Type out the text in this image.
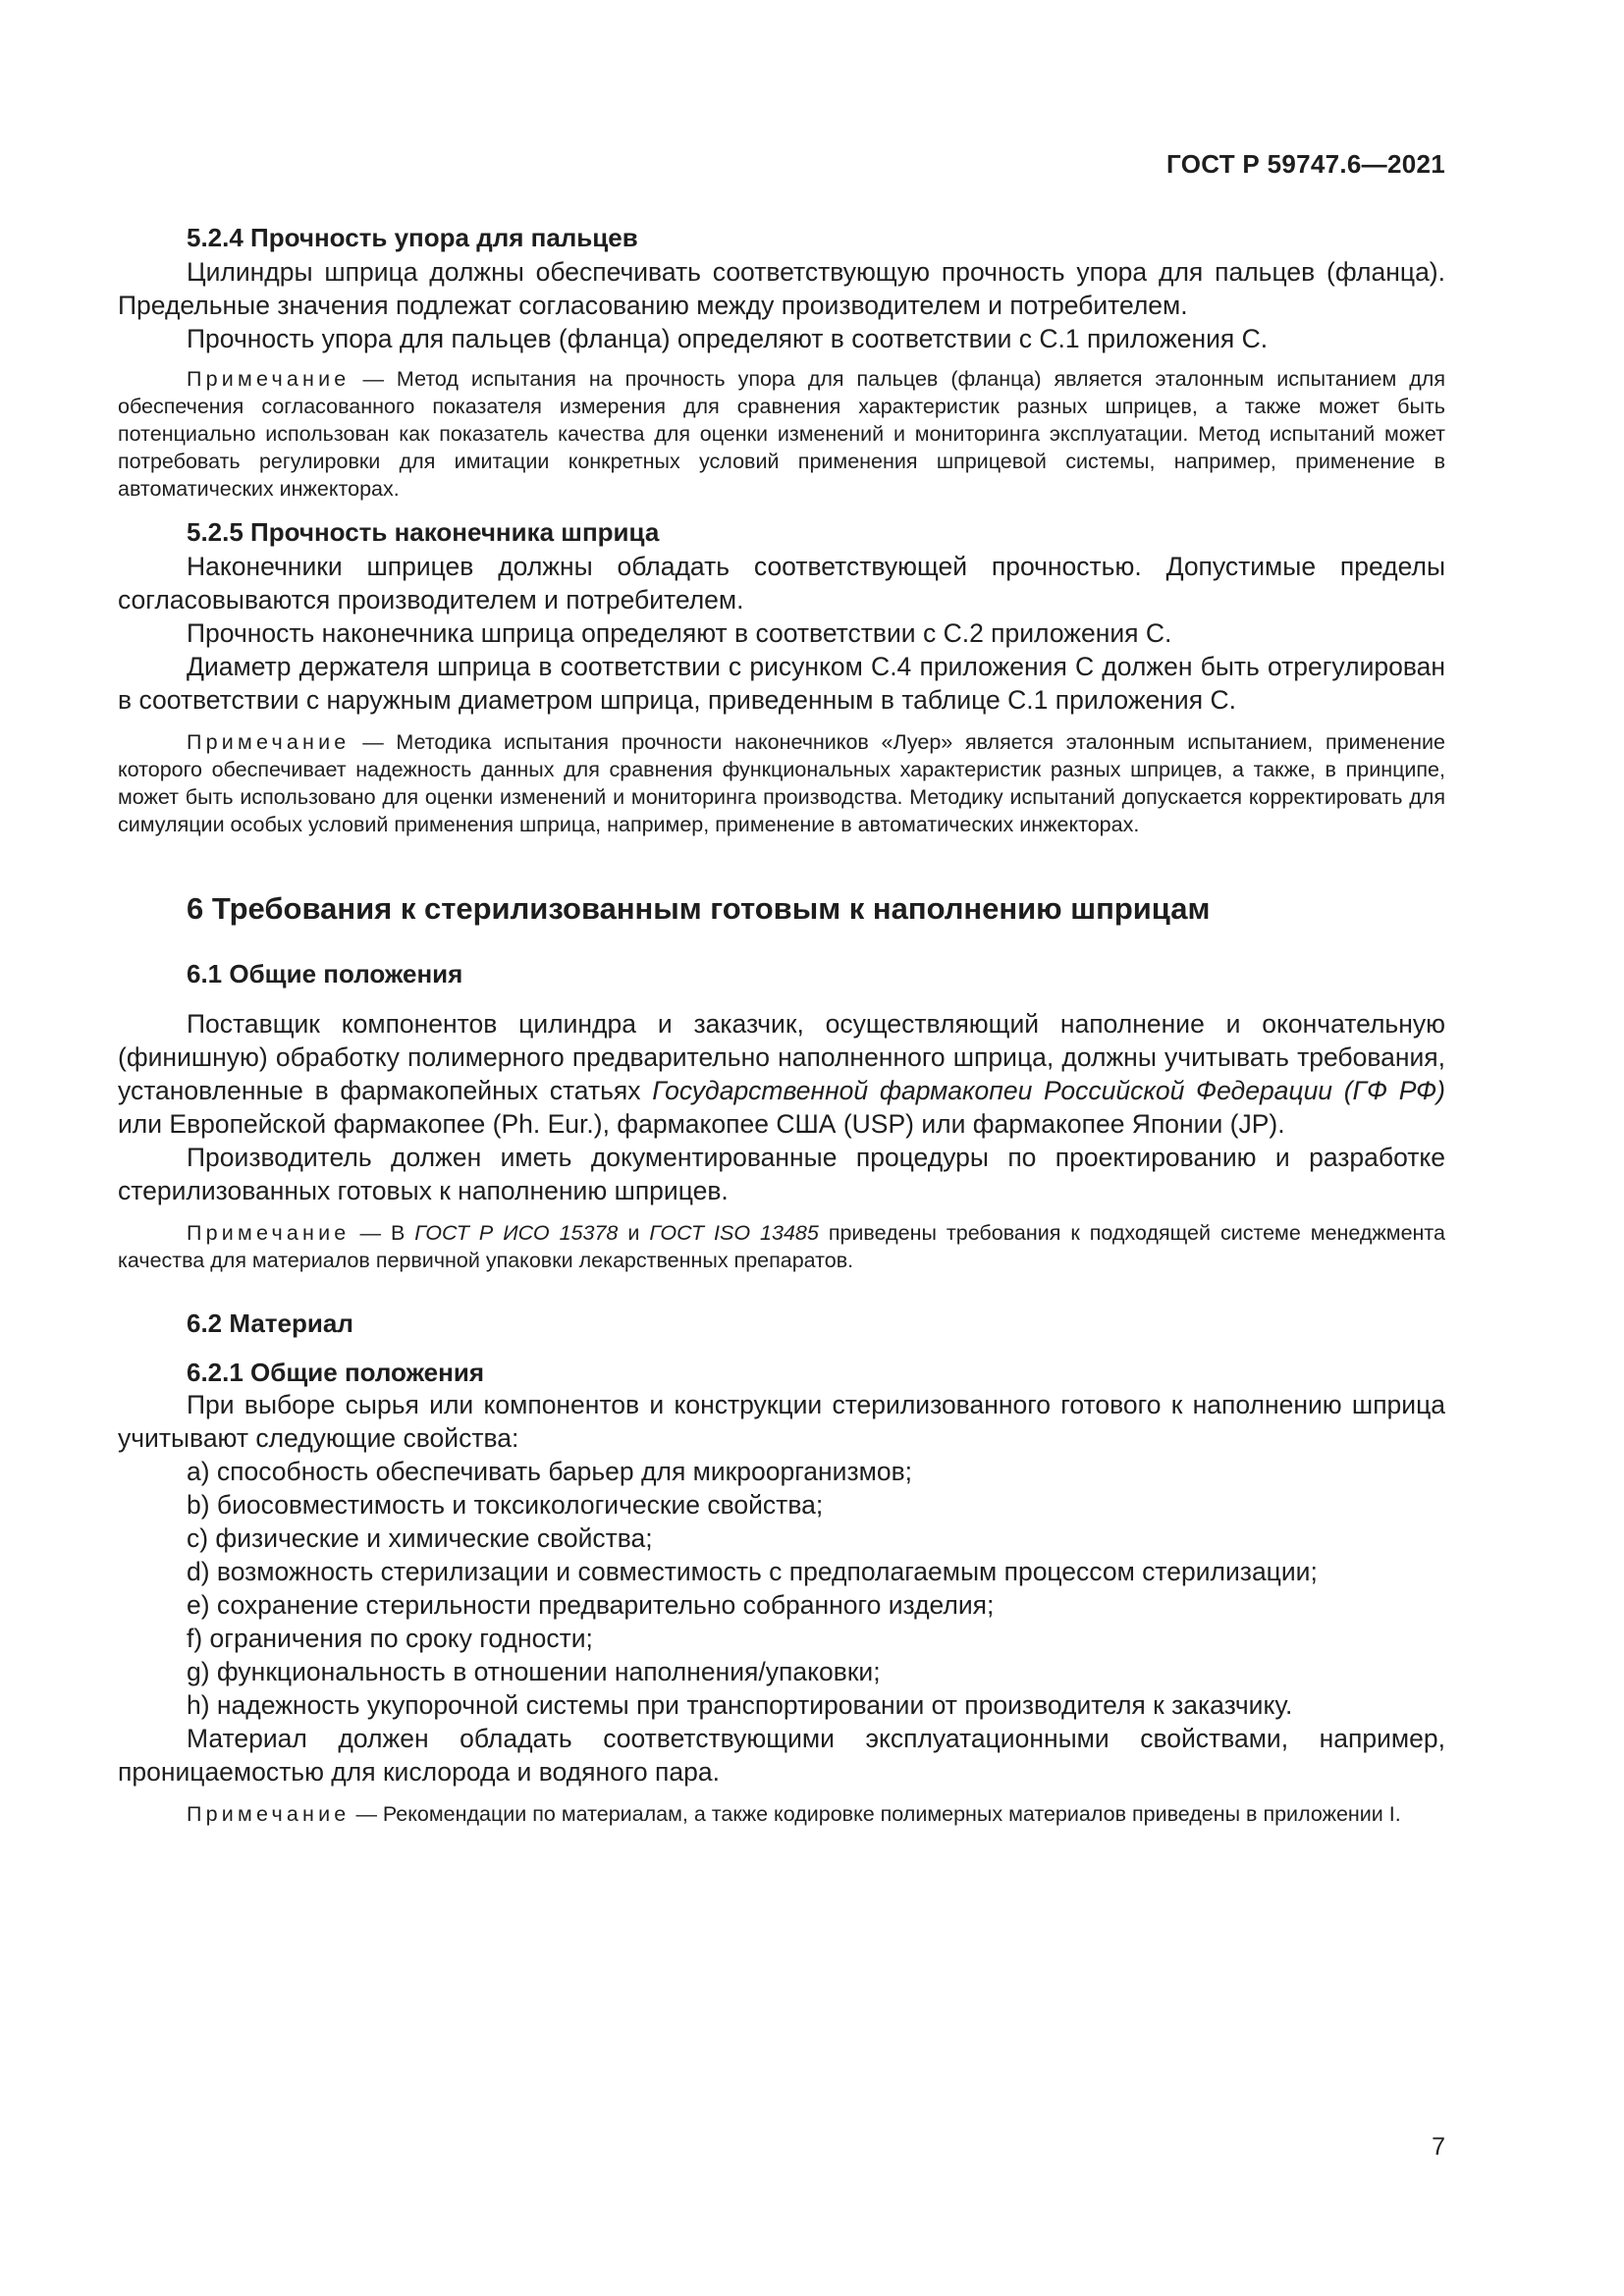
ГОСТ Р 59747.6—2021
5.2.4 Прочность упора для пальцев

Цилиндры шприца должны обеспечивать соответствующую прочность упора для пальцев (фланца). Предельные значения подлежат согласованию между производителем и потребителем.

Прочность упора для пальцев (фланца) определяют в соответствии с C.1 приложения С.

Примечание — Метод испытания на прочность упора для пальцев (фланца) является эталонным испытанием для обеспечения согласованного показателя измерения для сравнения характеристик разных шприцев, а также может быть потенциально использован как показатель качества для оценки изменений и мониторинга эксплуатации. Метод испытаний может потребовать регулировки для имитации конкретных условий применения шприцевой системы, например, применение в автоматических инжекторах.

5.2.5 Прочность наконечника шприца

Наконечники шприцев должны обладать соответствующей прочностью. Допустимые пределы согласовываются производителем и потребителем.

Прочность наконечника шприца определяют в соответствии с C.2 приложения С.

Диаметр держателя шприца в соответствии с рисунком С.4 приложения С должен быть отрегулирован в соответствии с наружным диаметром шприца, приведенным в таблице С.1 приложения С.

Примечание — Методика испытания прочности наконечников «Луер» является эталонным испытанием, применение которого обеспечивает надежность данных для сравнения функциональных характеристик разных шприцев, а также, в принципе, может быть использовано для оценки изменений и мониторинга производства. Методику испытаний допускается корректировать для симуляции особых условий применения шприца, например, применение в автоматических инжекторах.

6 Требования к стерилизованным готовым к наполнению шприцам
6.1 Общие положения

Поставщик компонентов цилиндра и заказчик, осуществляющий наполнение и окончательную (финишную) обработку полимерного предварительно наполненного шприца, должны учитывать требования, установленные в фармакопейных статьях Государственной фармакопеи Российской Федерации (ГФ РФ) или Европейской фармакопее (Ph. Eur.), фармакопее США (USP) или фармакопее Японии (JP).

Производитель должен иметь документированные процедуры по проектированию и разработке стерилизованных готовых к наполнению шприцев.

Примечание — В ГОСТ Р ИСО 15378 и ГОСТ ISO 13485 приведены требования к подходящей системе менеджмента качества для материалов первичной упаковки лекарственных препаратов.

6.2 Материал
6.2.1 Общие положения

При выборе сырья или компонентов и конструкции стерилизованного готового к наполнению шприца учитывают следующие свойства:

a) способность обеспечивать барьер для микроорганизмов;
b) биосовместимость и токсикологические свойства;
c) физические и химические свойства;
d) возможность стерилизации и совместимость с предполагаемым процессом стерилизации;
e) сохранение стерильности предварительно собранного изделия;
f) ограничения по сроку годности;
g) функциональность в отношении наполнения/упаковки;
h) надежность укупорочной системы при транспортировании от производителя к заказчику.

Материал должен обладать соответствующими эксплуатационными свойствами, например, проницаемостью для кислорода и водяного пара.

Примечание — Рекомендации по материалам, а также кодировке полимерных материалов приведены в приложении I.

7
